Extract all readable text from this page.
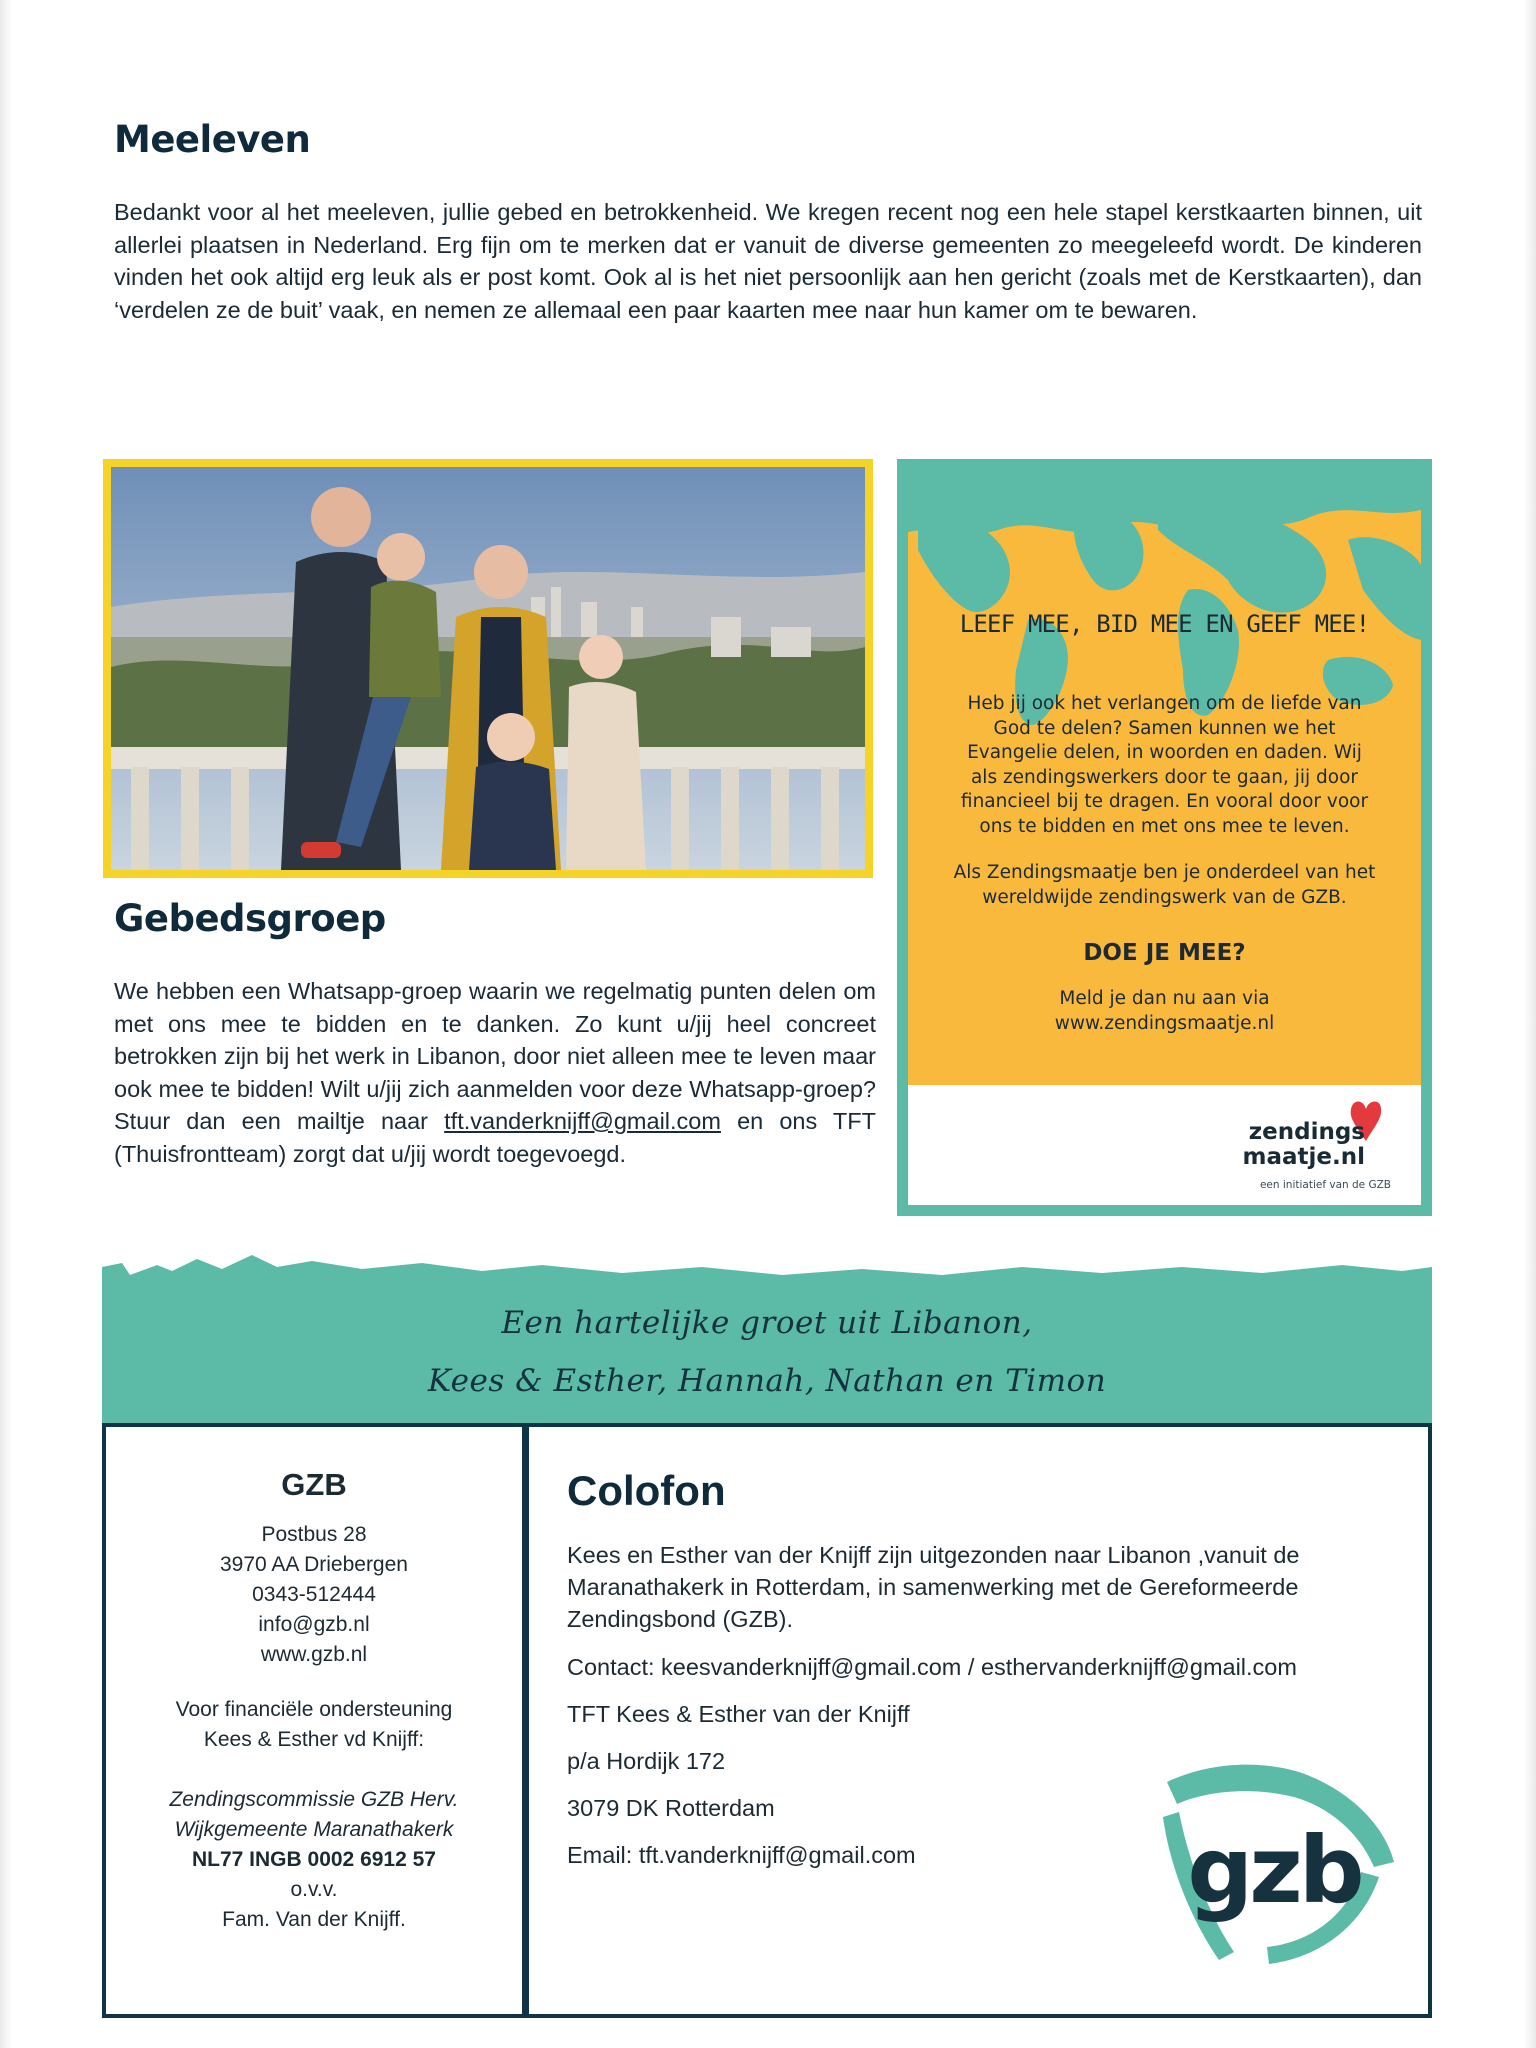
Meeleven

Bedankt voor al het meeleven, jullie gebed en betrokkenheid. We kregen recent nog een hele stapel kerstkaarten binnen, uit allerlei plaatsen in Nederland. Erg fijn om te merken dat er vanuit de diverse gemeenten zo meegeleefd wordt. De kinderen vinden het ook altijd erg leuk als er post komt. Ook al is het niet persoonlijk aan hen gericht (zoals met de Kerstkaarten), dan ‘verdelen ze de buit’ vaak, en nemen ze allemaal een paar kaarten mee naar hun kamer om te bewaren.

Gebedsgroep

We hebben een Whatsapp-groep waarin we regelmatig punten delen om met ons mee te bidden en te danken. Zo kunt u/jij heel concreet betrokken zijn bij het werk in Libanon, door niet alleen mee te leven maar ook mee te bidden! Wilt u/jij zich aanmelden voor deze Whatsapp-groep? Stuur dan een mailtje naar tft.vanderknijff@gmail.com en ons TFT (Thuisfrontteam) zorgt dat u/jij wordt toegevoegd.

LEEF MEE, BID MEE EN GEEF MEE!
Heb jij ook het verlangen om de liefde van God te delen? Samen kunnen we het Evangelie delen, in woorden en daden. Wij als zendingswerkers door te gaan, jij door financieel bij te dragen. En vooral door voor ons te bidden en met ons mee te leven.
Als Zendingsmaatje ben je onderdeel van het wereldwijde zendingswerk van de GZB.
DOE JE MEE?
Meld je dan nu aan via www.zendingsmaatje.nl
zendings
maatje.nl
een initiatief van de GZB
Een hartelijke groet uit Libanon,
Kees & Esther, Hannah, Nathan en Timon
GZB
Postbus 28
3970 AA Driebergen
0343-512444
info@gzb.nl
www.gzb.nl
Voor financiële ondersteuning
Kees & Esther vd Knijff:
Zendingscommissie GZB Herv.
Wijkgemeente Maranathakerk
NL77 INGB 0002 6912 57
o.v.v.
Fam. Van der Knijff.
Colofon
Kees en Esther van der Knijff zijn uitgezonden naar Libanon ,vanuit de Maranathakerk in Rotterdam, in samenwerking met de Gereformeerde Zendingsbond (GZB).
Contact: keesvanderknijff@gmail.com / esthervanderknijff@gmail.com
TFT Kees & Esther van der Knijff
p/a Hordijk 172
3079 DK Rotterdam
Email: tft.vanderknijff@gmail.com	gzb
